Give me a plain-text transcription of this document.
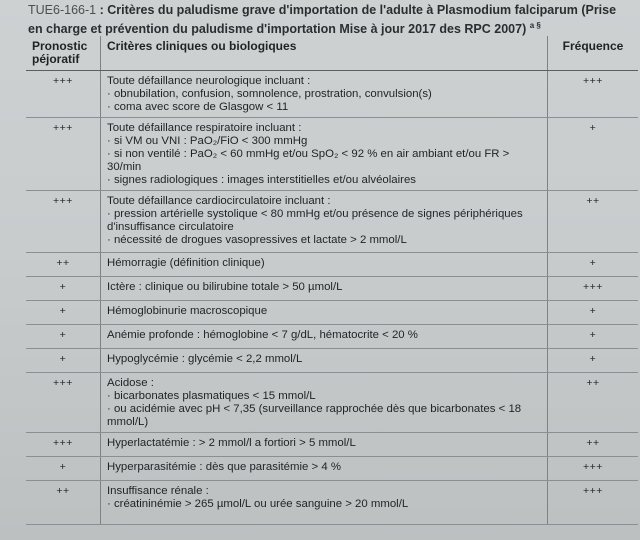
TUE6-166-1 : Critères du paludisme grave d'importation de l'adulte à Plasmodium falciparum (Prise en charge et prévention du paludisme d'importation Mise à jour 2017 des RPC 2007) $^{a \S}$
Pronostic péjoratif	Critères cliniques ou biologiques	Fréquence
+++	Toute défaillance neurologique incluant :
· obnubilation, confusion, somnolence, prostration, convulsion(s)
· coma avec score de Glasgow < 11	+++
+++	Toute défaillance respiratoire incluant :
· si VM ou VNI : PaO₂/FiO < 300 mmHg
· si non ventilé : PaO₂ < 60 mmHg et/ou SpO₂ < 92 % en air ambiant et/ou FR > 30/min
· signes radiologiques : images interstitielles et/ou alvéolaires	+
+++	Toute défaillance cardiocirculatoire incluant :
· pression artérielle systolique < 80 mmHg et/ou présence de signes périphériques
d'insuffisance circulatoire
· nécessité de drogues vasopressives et lactate > 2 mmol/L	++
++	Hémorragie (définition clinique)	+
+	Ictère : clinique ou bilirubine totale > 50 µmol/L	+++
+	Hémoglobinurie macroscopique	+
+	Anémie profonde : hémoglobine < 7 g/dL, hématocrite < 20 %	+
+	Hypoglycémie : glycémie < 2,2 mmol/L	+
+++	Acidose :
· bicarbonates plasmatiques < 15 mmol/L
· ou acidémie avec pH < 7,35 (surveillance rapprochée dès que bicarbonates < 18 mmol/L)	++
+++	Hyperlactatémie : > 2 mmol/l a fortiori > 5 mmol/L	++
+	Hyperparasitémie : dès que parasitémie > 4 %	+++
++	Insuffisance rénale :
· créatininémie > 265 µmol/L ou urée sanguine > 20 mmol/L	+++
